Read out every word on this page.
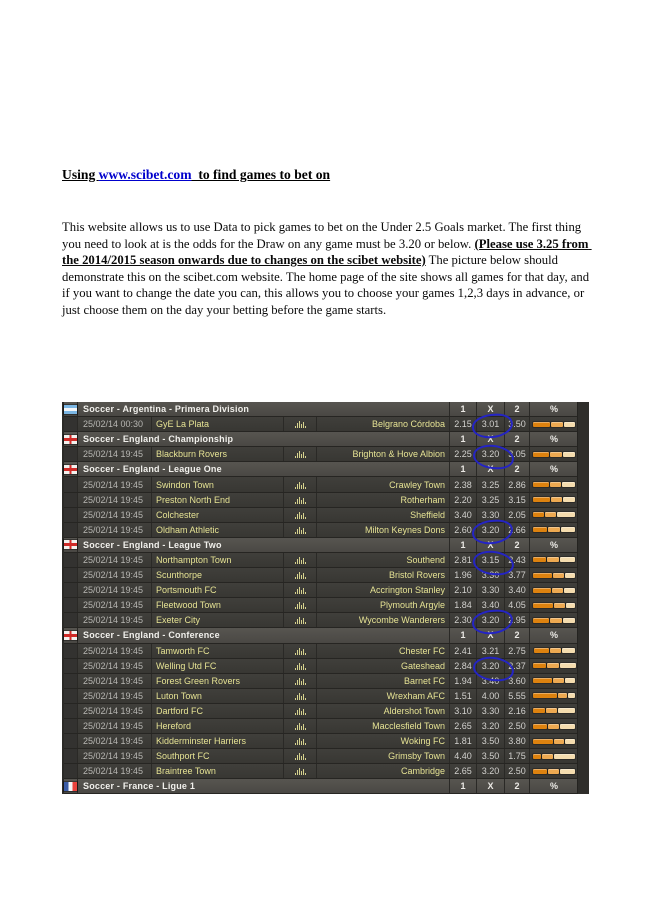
Using www.scibet.com  to find games to bet on
This website allows us to use Data to pick games to bet on the Under 2.5 Goals market. The first thing you need to look at is the odds for the Draw on any game must be 3.20 or below. (Please use 3.25 from the 2014/2015 season onwards due to changes on the scibet website) The picture below should demonstrate this on the scibet.com website. The home page of the site shows all games for that day, and if you want to change the date you can, this allows you to choose your games 1,2,3 days in advance, or just choose them on the day your betting before the game starts.
Soccer - Argentina - Primera Division	1	X	2	%
25/02/14 00:30	GyE La Plata	Belgrano Córdoba	2.15	3.01 3.50
Soccer - England - Championship	1	X	2	%
25/02/14 19:45	Blackburn Rovers	Brighton & Hove Albion	2.25	3.20 3.05
Soccer - England - League One	1	X	2	%
25/02/14 19:45	Swindon Town	Crawley Town	2.38	3.25 2.86
25/02/14 19:45	Preston North End	Rotherham	2.20	3.25 3.15
25/02/14 19:45	Colchester	Sheffield	3.40	3.30 2.05
25/02/14 19:45	Oldham Athletic	Milton Keynes Dons	2.60	3.20 2.66
Soccer - England - League Two	1	X	2	%
25/02/14 19:45	Northampton Town	Southend	2.81	3.15 2.43
25/02/14 19:45	Scunthorpe	Bristol Rovers	1.96	3.30 3.77
25/02/14 19:45	Portsmouth FC	Accrington Stanley	2.10	3.30 3.40
25/02/14 19:45	Fleetwood Town	Plymouth Argyle	1.84	3.40 4.05
25/02/14 19:45	Exeter City	Wycombe Wanderers	2.30	3.20 2.95
Soccer - England - Conference	1	X	2	%
25/02/14 19:45	Tamworth FC	Chester FC	2.41	3.21 2.75
25/02/14 19:45	Welling Utd FC	Gateshead	2.84	3.20 2.37
25/02/14 19:45	Forest Green Rovers	Barnet FC	1.94	3.40 3.60
25/02/14 19:45	Luton Town	Wrexham AFC	1.51	4.00 5.55
25/02/14 19:45	Dartford FC	Aldershot Town	3.10	3.30 2.16
25/02/14 19:45	Hereford	Macclesfield Town	2.65	3.20 2.50
25/02/14 19:45	Kidderminster Harriers	Woking FC	1.81	3.50 3.80
25/02/14 19:45	Southport FC	Grimsby Town	4.40	3.50 1.75
25/02/14 19:45	Braintree Town	Cambridge	2.65	3.20 2.50
Soccer - France - Ligue 1	1	X	2	%
